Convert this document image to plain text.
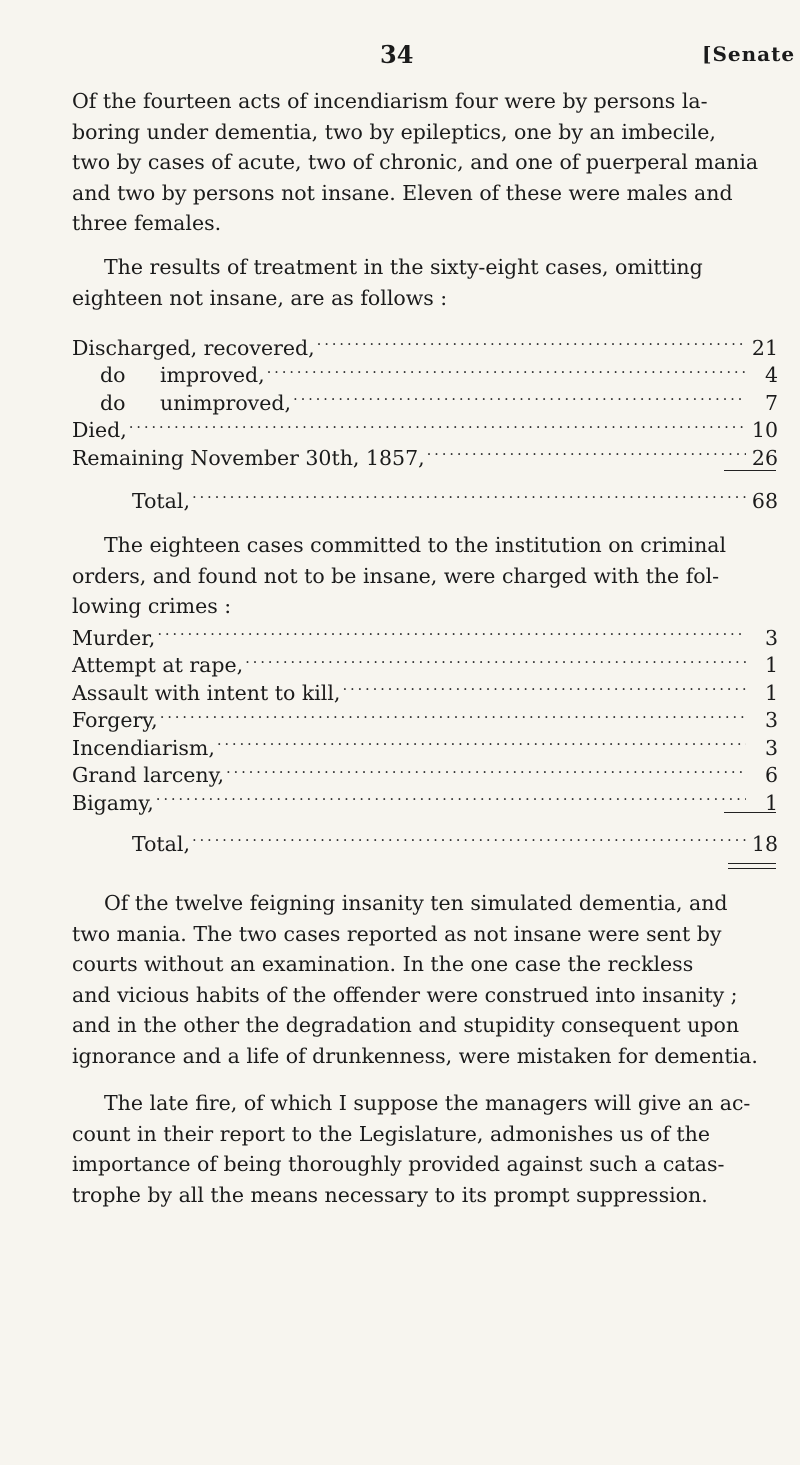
34	[Senate

Of the fourteen acts of incendiarism four were by persons la-
boring under dementia, two by epileptics, one by an imbecile,
two by cases of acute, two of chronic, and one of puerperal mania
and two by persons not insane. Eleven of these were males and
three females.

The results of treatment in the sixty-eight cases, omitting
eighteen not insane, are as follows :

Discharged, recovered, . . .	21
do improved, . . .	4
do unimproved, . . .	7
Died, . . .	10
Remaining November 30th, 1857, . . .	26
Total, . . .	68

The eighteen cases committed to the institution on criminal
orders, and found not to be insane, were charged with the fol-
lowing crimes :

Murder, . . .	3
Attempt at rape, . . .	1
Assault with intent to kill, . . .	1
Forgery, . . .	3
Incendiarism, . . .	3
Grand larceny, . . .	6
Bigamy, . . .	1
Total, . . .	18

Of the twelve feigning insanity ten simulated dementia, and
two mania. The two cases reported as not insane were sent by
courts without an examination. In the one case the reckless
and vicious habits of the offender were construed into insanity ;
and in the other the degradation and stupidity consequent upon
ignorance and a life of drunkenness, were mistaken for dementia.

The late fire, of which I suppose the managers will give an ac-
count in their report to the Legislature, admonishes us of the
importance of being thoroughly provided against such a catas-
trophe by all the means necessary to its prompt suppression.
